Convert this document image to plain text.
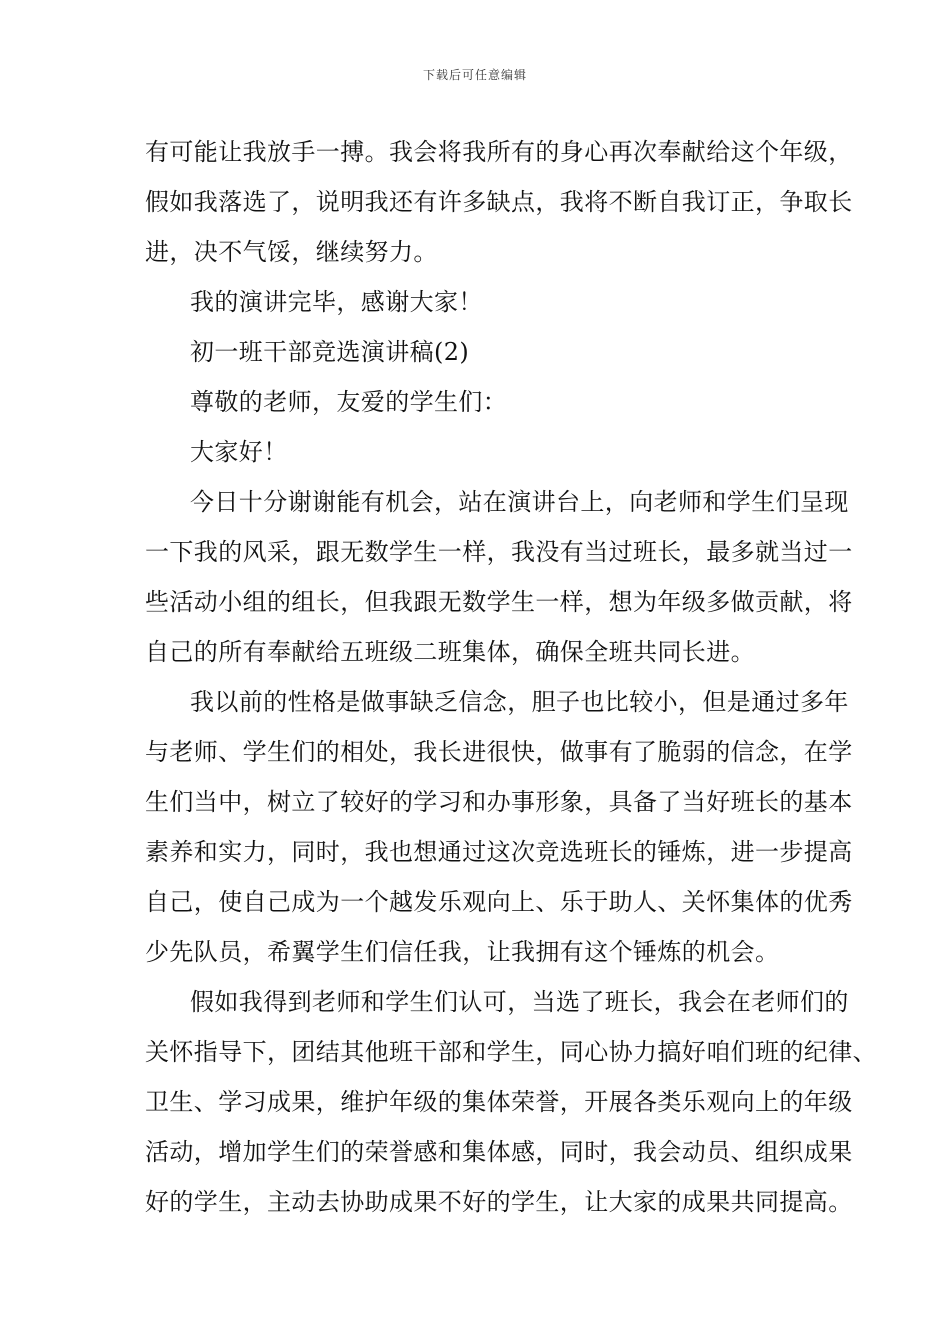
下载后可任意编辑
有可能让我放手一搏。我会将我所有的身心再次奉献给这个年级，
假如我落选了，说明我还有许多缺点，我将不断自我订正，争取长
进，决不气馁，继续努力。
我的演讲完毕，感谢大家！
初一班干部竞选演讲稿(2)
尊敬的老师，友爱的学生们：
大家好！
今日十分谢谢能有机会，站在演讲台上，向老师和学生们呈现
一下我的风采，跟无数学生一样，我没有当过班长，最多就当过一
些活动小组的组长，但我跟无数学生一样，想为年级多做贡献，将
自己的所有奉献给五班级二班集体，确保全班共同长进。
我以前的性格是做事缺乏信念，胆子也比较小，但是通过多年
与老师、学生们的相处，我长进很快，做事有了脆弱的信念，在学
生们当中，树立了较好的学习和办事形象，具备了当好班长的基本
素养和实力，同时，我也想通过这次竞选班长的锤炼，进一步提高
自己，使自己成为一个越发乐观向上、乐于助人、关怀集体的优秀
少先队员，希翼学生们信任我，让我拥有这个锤炼的机会。
假如我得到老师和学生们认可，当选了班长，我会在老师们的
关怀指导下，团结其他班干部和学生，同心协力搞好咱们班的纪律、
卫生、学习成果，维护年级的集体荣誉，开展各类乐观向上的年级
活动，增加学生们的荣誉感和集体感，同时，我会动员、组织成果
好的学生，主动去协助成果不好的学生，让大家的成果共同提高。
